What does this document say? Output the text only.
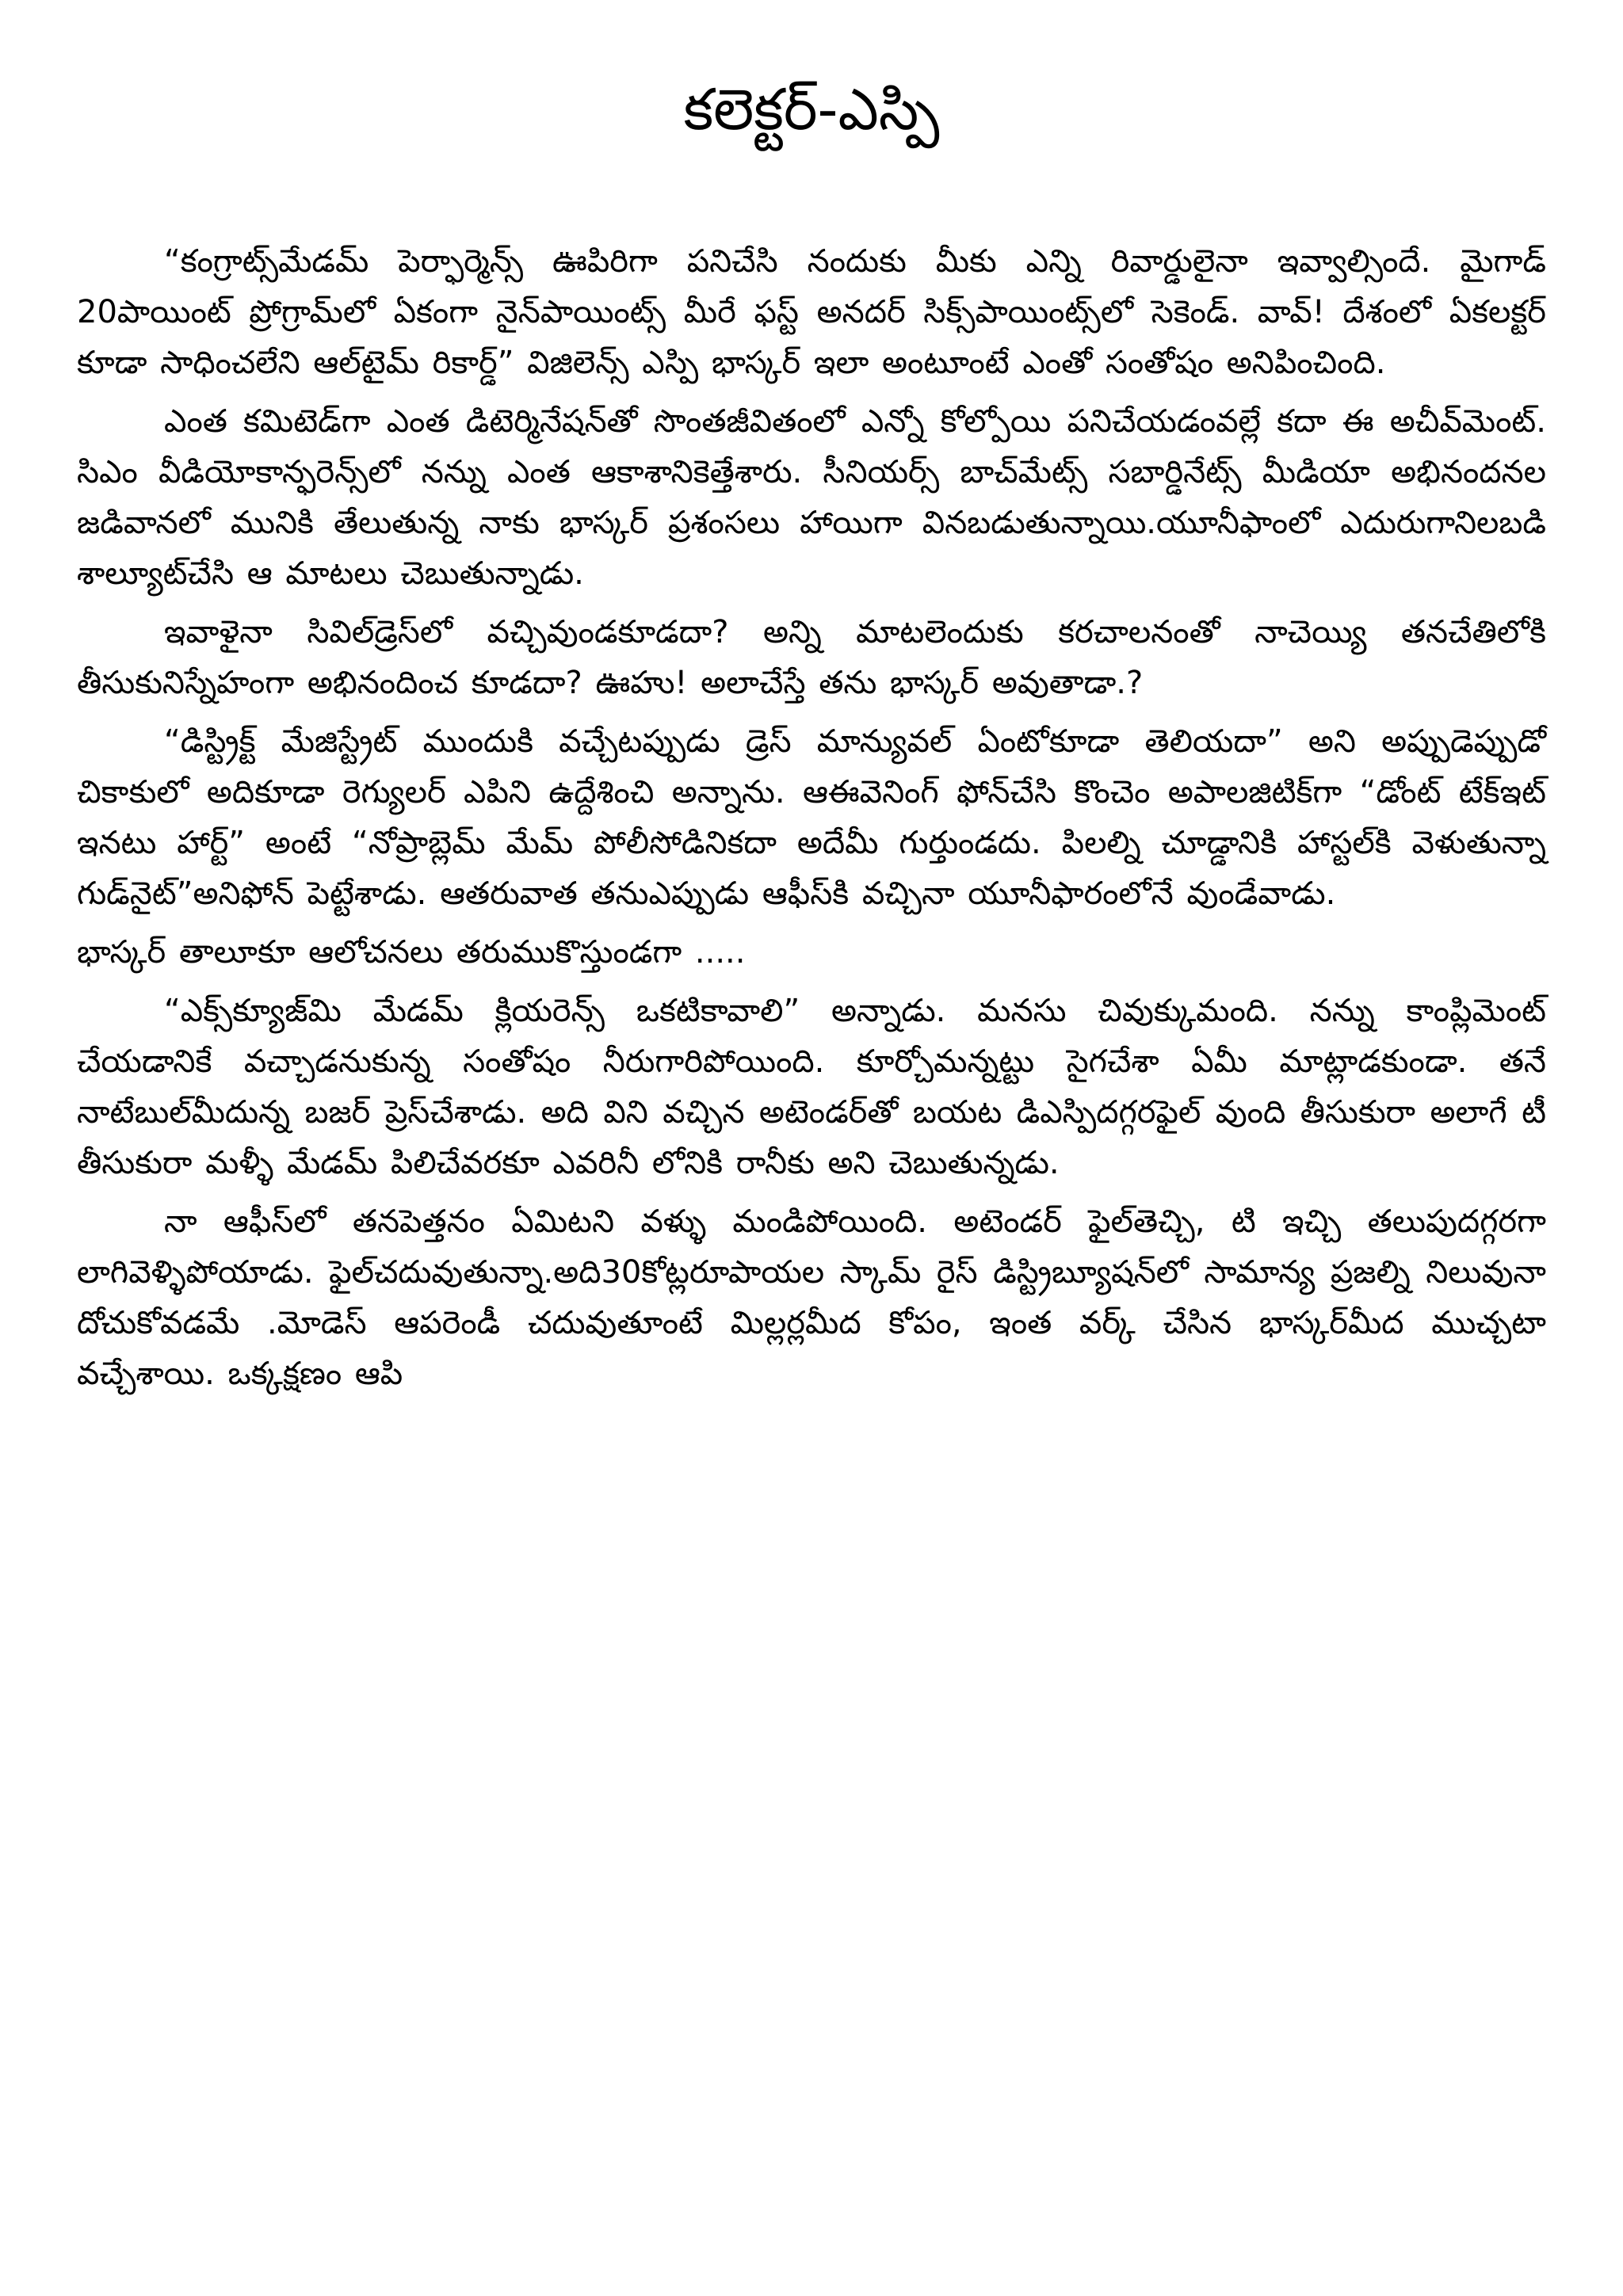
కలెక్టర్-ఎస్పి

“కంగ్రాట్స్‌మేడమ్ పెర్ఫార్మెన్స్ ఊపిరిగా పనిచేసి నందుకు మీకు ఎన్ని రివార్డులైనా ఇవ్వాల్సిందే. మైగాడ్ 20పాయింట్ ప్రోగ్రామ్‌లో ఏకంగా నైన్‌పాయింట్స్ మీరే ఫస్ట్ అనదర్ సిక్స్‌పాయింట్స్‌లో సెకెండ్. వావ్! దేశంలో ఏకలక్టర్ కూడా సాధించలేని ఆల్‌టైమ్ రికార్డ్” విజిలెన్స్ ఎస్పి భాస్కర్ ఇలా అంటూంటే ఎంతో సంతోషం అనిపించింది.

ఎంత కమిటెడ్‌గా ఎంత డిటెర్మినేషన్‌తో సొంతజీవితంలో ఎన్నో కోల్పోయి పనిచేయడంవల్లే కదా ఈ అచీవ్‌మెంట్. సిఎం వీడియోకాన్ఫరెన్స్‌లో నన్ను ఎంత ఆకాశానికెత్తేశారు. సీనియర్స్ బాచ్‌మేట్స్ సబార్డినేట్స్ మీడియా అభినందనల జడివానలో మునికి తేలుతున్న నాకు భాస్కర్ ప్రశంసలు హాయిగా వినబడుతున్నాయి.యూనీఫాంలో ఎదురుగానిలబడి శాల్యూట్‌చేసి ఆ మాటలు చెబుతున్నాడు.

ఇవాళైనా సివిల్‌డ్రెస్‌లో వచ్చివుండకూడదా? అన్ని మాటలెందుకు కరచాలనంతో నాచెయ్యి తనచేతిలోకి తీసుకునిస్నేహంగా అభినందించ కూడదా? ఊహు! అలాచేస్తే తను భాస్కర్ అవుతాడా.?

“డిస్ట్రిక్ట్ మేజిస్ట్రేట్ ముందుకి వచ్చేటప్పుడు డ్రెస్ మాన్యువల్ ఏంటోకూడా తెలియదా” అని అప్పుడెప్పుడో చికాకులో అదికూడా రెగ్యులర్ ఎపిని ఉద్దేశించి అన్నాను. ఆఈవెనింగ్ ఫోన్‌చేసి కొంచెం అపాలజిటిక్‌గా “డోంట్ టేక్ఇట్ ఇనటు హార్ట్” అంటే “నోప్రాబ్లెమ్ మేమ్ పోలీసోడినికదా అదేమీ గుర్తుండదు. పిలల్ని చూడ్డానికి హాస్టల్‌కి వెళుతున్నా గుడ్‌నైట్”అనిఫోన్ పెట్టేశాడు. ఆతరువాత తనుఎప్పుడు ఆఫీస్‌కి వచ్చినా యూనీఫారంలోనే వుండేవాడు.

భాస్కర్ తాలూకూ ఆలోచనలు తరుముకొస్తుండగా .....

“ఎక్స్‌క్యూజ్‌మి మేడమ్ క్లియరెన్స్ ఒకటికావాలి” అన్నాడు. మనసు చివుక్కుమంది. నన్ను కాంప్లిమెంట్ చేయడానికే వచ్చాడనుకున్న సంతోషం నీరుగారిపోయింది. కూర్చోమన్నట్టు సైగచేశా ఏమీ మాట్లాడకుండా. తనే నాటేబుల్‌మీదున్న బజర్ ప్రెస్‌చేశాడు. అది విని వచ్చిన అటెండర్‌తో బయట డిఎస్పిదగ్గరఫైల్ వుంది తీసుకురా అలాగే టీ తీసుకురా మళ్ళీ మేడమ్ పిలిచేవరకూ ఎవరినీ లోనికి రానీకు అని చెబుతున్నడు.

నా ఆఫీస్‌లో తనపెత్తనం ఏమిటని వళ్ళు మండిపోయింది. అటెండర్ ఫైల్‌తెచ్చి, టి ఇచ్చి తలుపుదగ్గరగా లాగివెళ్ళిపోయాడు. ఫైల్‌చదువుతున్నా.అది30కోట్లరూపాయల స్కామ్ రైస్ డిస్ట్రిబ్యూషన్‌లో సామాన్య ప్రజల్ని నిలువునా దోచుకోవడమే .మోడెస్ ఆపరెండీ చదువుతూంటే మిల్లర్లమీద కోపం, ఇంత వర్క్ చేసిన భాస్కర్‌మీద ముచ్చటా వచ్చేశాయి. ఒక్కక్షణం ఆపి
